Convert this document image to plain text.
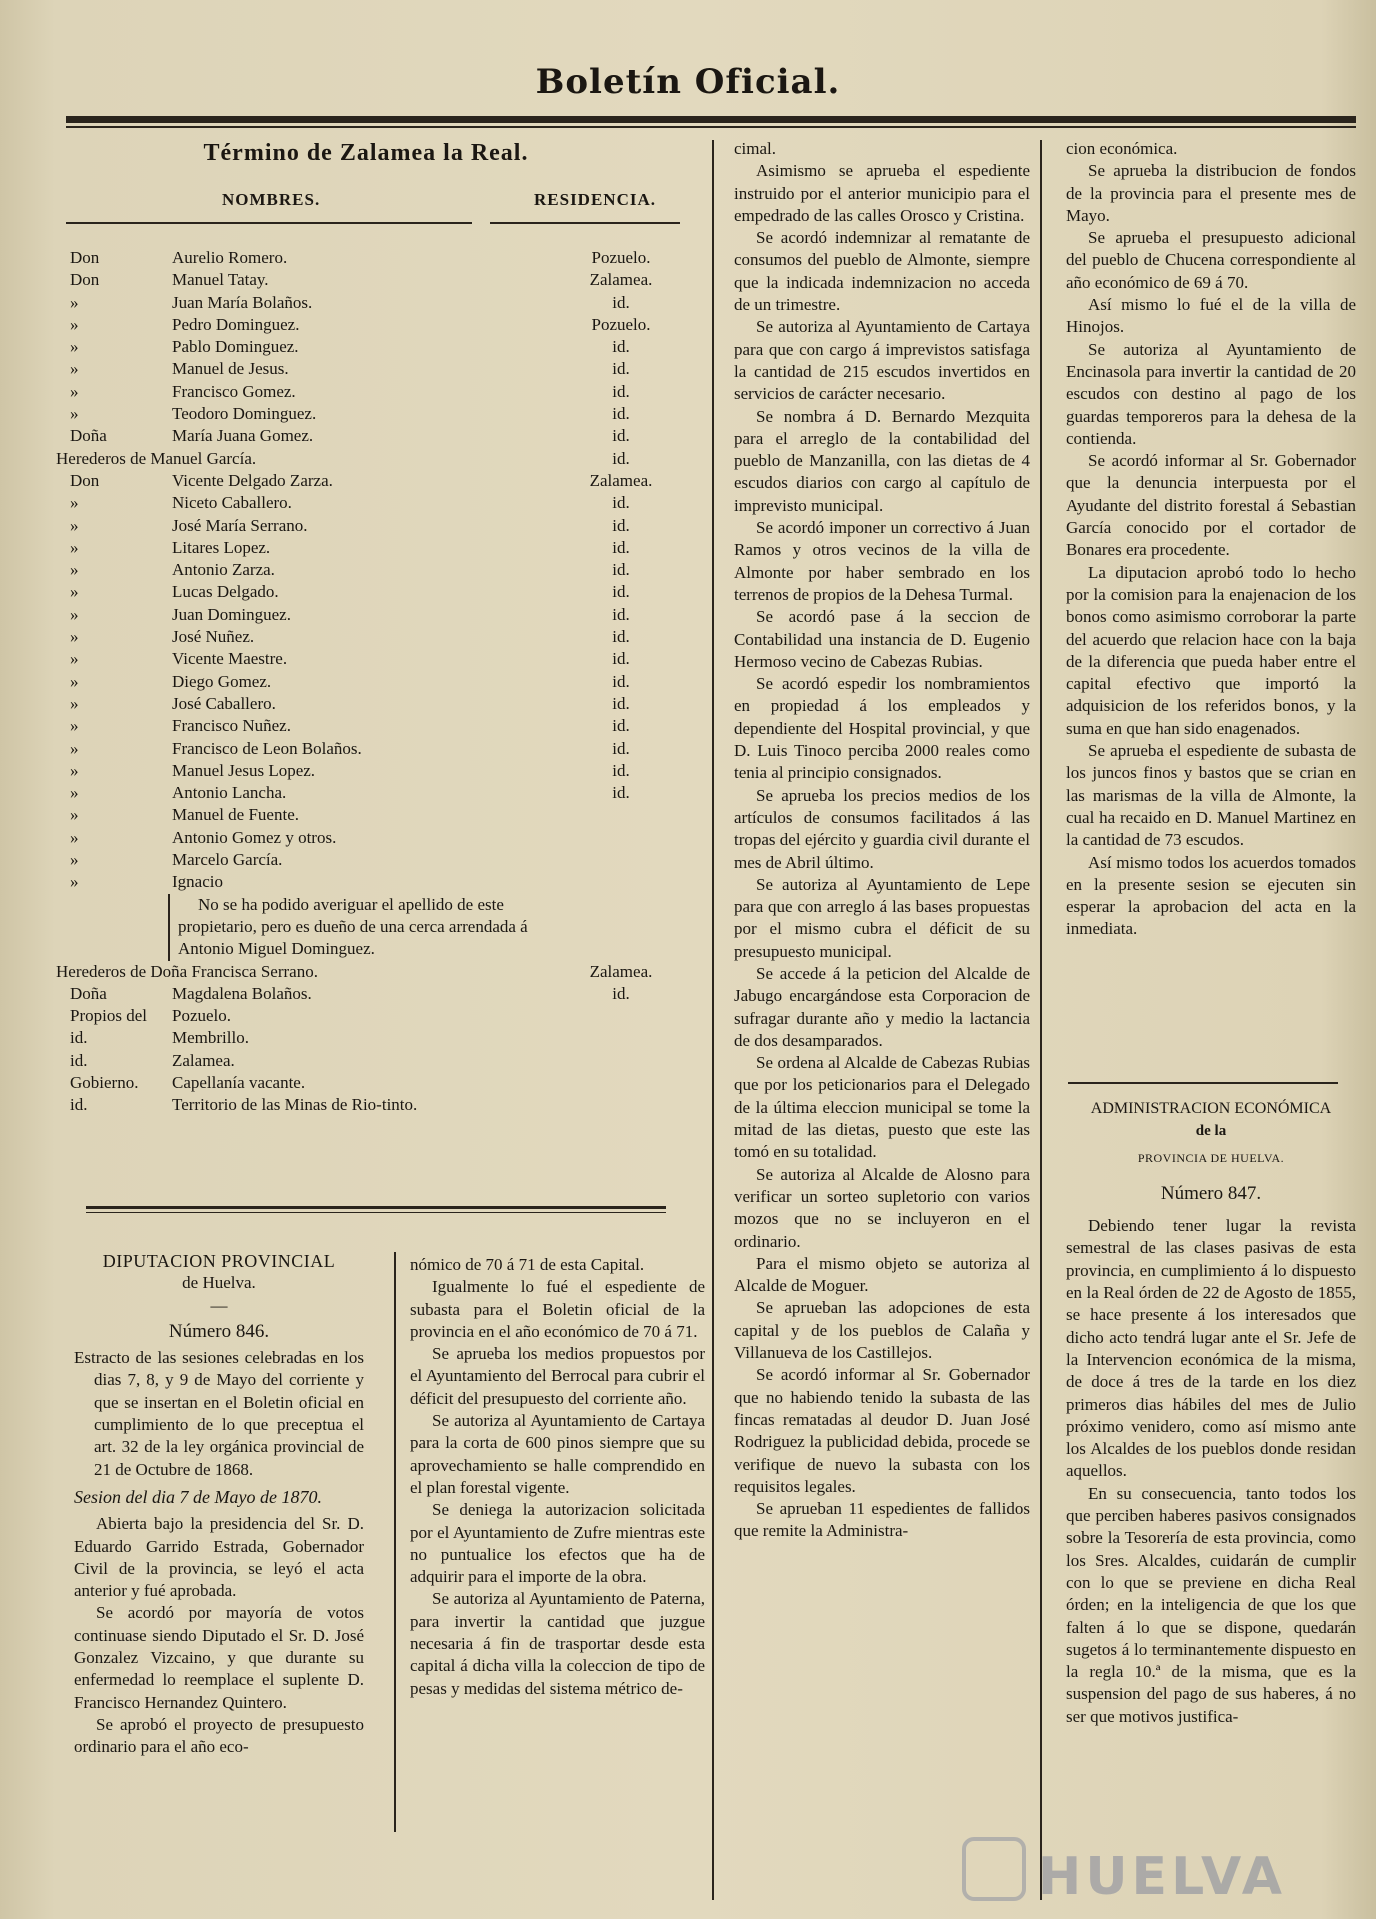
Boletín Oficial.
Término de Zalamea la Real.
NOMBRES.	RESIDENCIA.
Don	Aurelio Romero.	Pozuelo.
Don	Manuel Tatay.	Zalamea.
»	Juan María Bolaños.	id.
»	Pedro Dominguez.	Pozuelo.
»	Pablo Dominguez.	id.
»	Manuel de Jesus.	id.
»	Francisco Gomez.	id.
»	Teodoro Dominguez.	id.
Doña	María Juana Gomez.	id.
Herederos de Manuel García.	id.
Don	Vicente Delgado Zarza.	Zalamea.
»	Niceto Caballero.	id.
»	José María Serrano.	id.
»	Litares Lopez.	id.
»	Antonio Zarza.	id.
»	Lucas Delgado.	id.
»	Juan Dominguez.	id.
»	José Nuñez.	id.
»	Vicente Maestre.	id.
»	Diego Gomez.	id.
»	José Caballero.	id.
»	Francisco Nuñez.	id.
»	Francisco de Leon Bolaños.	id.
»	Manuel Jesus Lopez.	id.
»	Antonio Lancha.	id.
»	Manuel de Fuente.
»	Antonio Gomez y otros.
»	Marcelo García.
»	Ignacio

No se ha podido averiguar el apellido de este propietario, pero es dueño de una cerca arrendada á Antonio Miguel Dominguez.

Herederos de Doña Francisca Serrano.	Zalamea.
Doña	Magdalena Bolaños.	id.
Propios del	Pozuelo.
id.	Membrillo.
id.	Zalamea.
Gobierno.	Capellanía vacante.
id.	Territorio de las Minas de Rio-tinto.

DIPUTACION PROVINCIAL

de Huelva.

—

Número 846.

Estracto de las sesiones celebradas en los dias 7, 8, y 9 de Mayo del corriente y que se insertan en el Boletin oficial en cumplimiento de lo que preceptua el art. 32 de la ley orgánica provincial de 21 de Octubre de 1868.

Sesion del dia 7 de Mayo de 1870.

Abierta bajo la presidencia del Sr. D. Eduardo Garrido Estrada, Gobernador Civil de la provincia, se leyó el acta anterior y fué aprobada.

Se acordó por mayoría de votos continuase siendo Diputado el Sr. D. José Gonzalez Vizcaino, y que durante su enfermedad lo reemplace el suplente D. Francisco Hernandez Quintero.

Se aprobó el proyecto de presupuesto ordinario para el año eco-

nómico de 70 á 71 de esta Capital.

Igualmente lo fué el espediente de subasta para el Boletin oficial de la provincia en el año económico de 70 á 71.

Se aprueba los medios propuestos por el Ayuntamiento del Berrocal para cubrir el déficit del presupuesto del corriente año.

Se autoriza al Ayuntamiento de Cartaya para la corta de 600 pinos siempre que su aprovechamiento se halle comprendido en el plan forestal vigente.

Se deniega la autorizacion solicitada por el Ayuntamiento de Zufre mientras este no puntualice los efectos que ha de adquirir para el importe de la obra.

Se autoriza al Ayuntamiento de Paterna, para invertir la cantidad que juzgue necesaria á fin de trasportar desde esta capital á dicha villa la coleccion de tipo de pesas y medidas del sistema métrico de-

cimal.

Asimismo se aprueba el espediente instruido por el anterior municipio para el empedrado de las calles Orosco y Cristina.

Se acordó indemnizar al rematante de consumos del pueblo de Almonte, siempre que la indicada indemnizacion no acceda de un trimestre.

Se autoriza al Ayuntamiento de Cartaya para que con cargo á imprevistos satisfaga la cantidad de 215 escudos invertidos en servicios de carácter necesario.

Se nombra á D. Bernardo Mezquita para el arreglo de la contabilidad del pueblo de Manzanilla, con las dietas de 4 escudos diarios con cargo al capítulo de imprevisto municipal.

Se acordó imponer un correctivo á Juan Ramos y otros vecinos de la villa de Almonte por haber sembrado en los terrenos de propios de la Dehesa Turmal.

Se acordó pase á la seccion de Contabilidad una instancia de D. Eugenio Hermoso vecino de Cabezas Rubias.

Se acordó espedir los nombramientos en propiedad á los empleados y dependiente del Hospital provincial, y que D. Luis Tinoco perciba 2000 reales como tenia al principio consignados.

Se aprueba los precios medios de los artículos de consumos facilitados á las tropas del ejército y guardia civil durante el mes de Abril último.

Se autoriza al Ayuntamiento de Lepe para que con arreglo á las bases propuestas por el mismo cubra el déficit de su presupuesto municipal.

Se accede á la peticion del Alcalde de Jabugo encargándose esta Corporacion de sufragar durante año y medio la lactancia de dos desamparados.

Se ordena al Alcalde de Cabezas Rubias que por los peticionarios para el Delegado de la última eleccion municipal se tome la mitad de las dietas, puesto que este las tomó en su totalidad.

Se autoriza al Alcalde de Alosno para verificar un sorteo supletorio con varios mozos que no se incluyeron en el ordinario.

Para el mismo objeto se autoriza al Alcalde de Moguer.

Se aprueban las adopciones de esta capital y de los pueblos de Calaña y Villanueva de los Castillejos.

Se acordó informar al Sr. Gobernador que no habiendo tenido la subasta de las fincas rematadas al deudor D. Juan José Rodriguez la publicidad debida, procede se verifique de nuevo la subasta con los requisitos legales.

Se aprueban 11 espedientes de fallidos que remite la Administra-

cion económica.

Se aprueba la distribucion de fondos de la provincia para el presente mes de Mayo.

Se aprueba el presupuesto adicional del pueblo de Chucena correspondiente al año económico de 69 á 70.

Así mismo lo fué el de la villa de Hinojos.

Se autoriza al Ayuntamiento de Encinasola para invertir la cantidad de 20 escudos con destino al pago de los guardas temporeros para la dehesa de la contienda.

Se acordó informar al Sr. Gobernador que la denuncia interpuesta por el Ayudante del distrito forestal á Sebastian García conocido por el cortador de Bonares era procedente.

La diputacion aprobó todo lo hecho por la comision para la enajenacion de los bonos como asimismo corroborar la parte del acuerdo que relacion hace con la baja de la diferencia que pueda haber entre el capital efectivo que importó la adquisicion de los referidos bonos, y la suma en que han sido enagenados.

Se aprueba el espediente de subasta de los juncos finos y bastos que se crian en las marismas de la villa de Almonte, la cual ha recaido en D. Manuel Martinez en la cantidad de 73 escudos.

Así mismo todos los acuerdos tomados en la presente sesion se ejecuten sin esperar la aprobacion del acta en la inmediata.

ADMINISTRACION ECONÓMICA

de la

PROVINCIA DE HUELVA.

Número 847.

Debiendo tener lugar la revista semestral de las clases pasivas de esta provincia, en cumplimiento á lo dispuesto en la Real órden de 22 de Agosto de 1855, se hace presente á los interesados que dicho acto tendrá lugar ante el Sr. Jefe de la Intervencion económica de la misma, de doce á tres de la tarde en los diez primeros dias hábiles del mes de Julio próximo venidero, como así mismo ante los Alcaldes de los pueblos donde residan aquellos.

En su consecuencia, tanto todos los que perciben haberes pasivos consignados sobre la Tesorería de esta provincia, como los Sres. Alcaldes, cuidarán de cumplir con lo que se previene en dicha Real órden; en la inteligencia de que los que falten á lo que se dispone, quedarán sugetos á lo terminantemente dispuesto en la regla 10.ª de la misma, que es la suspension del pago de sus haberes, á no ser que motivos justifica-

HUELVA
